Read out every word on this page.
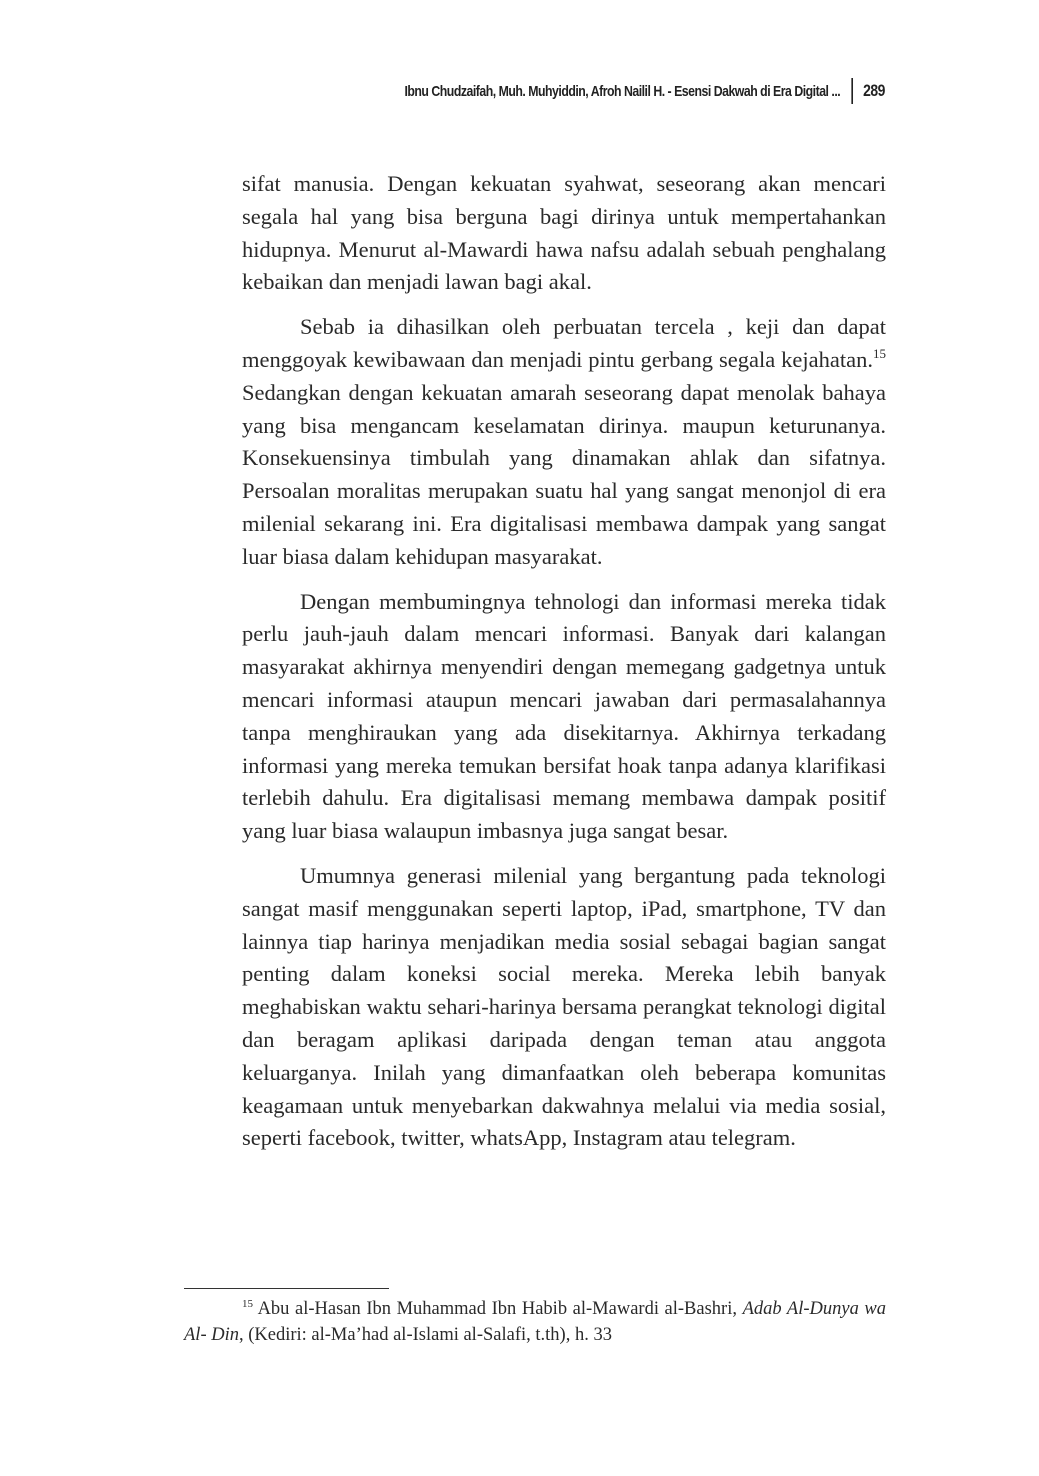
Ibnu Chudzaifah, Muh. Muhyiddin, Afroh Nailil H. - Esensi Dakwah di Era Digital ... 289

sifat manusia. Dengan kekuatan syahwat, seseorang akan mencari segala hal yang bisa berguna bagi dirinya untuk mempertahankan hidupnya. Menurut al-Mawardi hawa nafsu adalah sebuah penghalang kebaikan dan menjadi lawan bagi akal.

Sebab ia dihasilkan oleh perbuatan tercela , keji dan dapat menggoyak kewibawaan dan menjadi pintu gerbang segala kejahatan.$^{15}$ Sedangkan dengan kekuatan amarah seseorang dapat menolak bahaya yang bisa mengancam keselamatan dirinya. maupun keturunanya. Konsekuensinya timbulah yang dinamakan ahlak dan sifatnya. Persoalan moralitas merupakan suatu hal yang sangat menonjol di era milenial sekarang ini. Era digitalisasi membawa dampak yang sangat luar biasa dalam kehidupan masyarakat.

Dengan membumingnya tehnologi dan informasi mereka tidak perlu jauh-jauh dalam mencari informasi. Banyak dari kalangan masyarakat akhirnya menyendiri dengan memegang gadgetnya untuk mencari informasi ataupun mencari jawaban dari permasalahannya tanpa menghiraukan yang ada disekitarnya. Akhirnya terkadang informasi yang mereka temukan bersifat hoak tanpa adanya klarifikasi terlebih dahulu. Era digitalisasi memang membawa dampak positif yang luar biasa walaupun imbasnya juga sangat besar.

Umumnya generasi milenial yang bergantung pada teknologi sangat masif menggunakan seperti laptop, iPad, smartphone, TV dan lainnya tiap harinya menjadikan media sosial sebagai bagian sangat penting dalam koneksi social mereka. Mereka lebih banyak meghabiskan waktu sehari-harinya bersama perangkat teknologi digital dan beragam aplikasi daripada dengan teman atau anggota keluarganya. Inilah yang dimanfaatkan oleh beberapa komunitas keagamaan untuk menyebarkan dakwahnya melalui via media sosial, seperti facebook, twitter, whatsApp, Instagram atau telegram.

$^{15}$ Abu al-Hasan Ibn Muhammad Ibn Habib al-Mawardi al-Bashri, Adab Al-Dunya wa Al- Din, (Kediri: al-Ma’had al-Islami al-Salafi, t.th), h. 33
